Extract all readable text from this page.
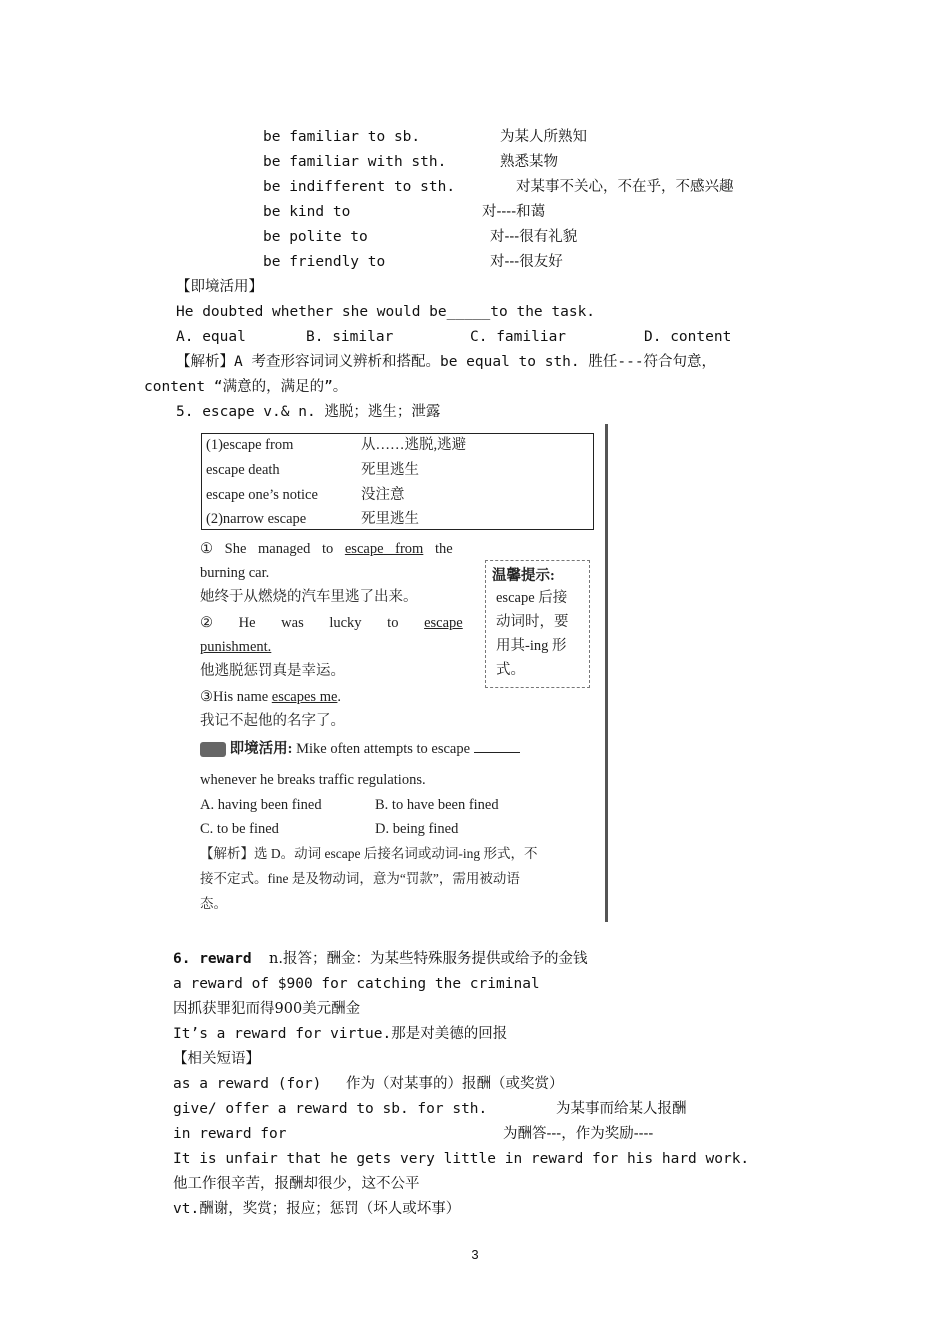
be familiar to sb.	为某人所熟知
be familiar with sth.	熟悉某物
be indifferent to sth.	对某事不关心，不在乎，不感兴趣
be kind to	对----和蔼
be polite to	对---很有礼貌
be friendly to	对---很友好
【即境活用】
He doubted whether she would be_____to the task.
A. equal	B. similar	C. familiar	D. content
【解析】A 考查形容词词义辨析和搭配。be equal to sth. 胜任---符合句意，
content “满意的，满足的”。
5. escape v.& n. 逃脱；逃生；泄露
(1)escape from	从……逃脱,逃避
escape death	死里逃生
escape one’s notice	没注意
(2)narrow escape	死里逃生
① She managed to escape from the
burning car.
她终于从燃烧的汽车里逃了出来。
② He was lucky to escape
punishment.
他逃脱惩罚真是幸运。
③His name escapes me.
我记不起他的名字了。
温馨提示:
escape 后接
动词时，要
用其-ing 形
式。
即境活用: Mike often attempts to escape
whenever he breaks traffic regulations.
A. having been fined	B. to have been fined
C. to be fined	D. being fined
【解析】选 D。动词 escape 后接名词或动词-ing 形式，不
接不定式。fine 是及物动词，意为“罚款”，需用被动语
态。
6. reward n.报答；酬金：为某些特殊服务提供或给予的金钱
a reward of $900 for catching the criminal
因抓获罪犯而得900美元酬金
It’s a reward for virtue.那是对美德的回报
【相关短语】
as a reward (for) 作为（对某事的）报酬（或奖赏）
give/ offer a reward to sb. for sth.	为某事而给某人报酬
in reward for	为酬答---，作为奖励----
It is unfair that he gets very little in reward for his hard work.
他工作很辛苦，报酬却很少，这不公平
vt.酬谢，奖赏；报应；惩罚（坏人或坏事）
3
